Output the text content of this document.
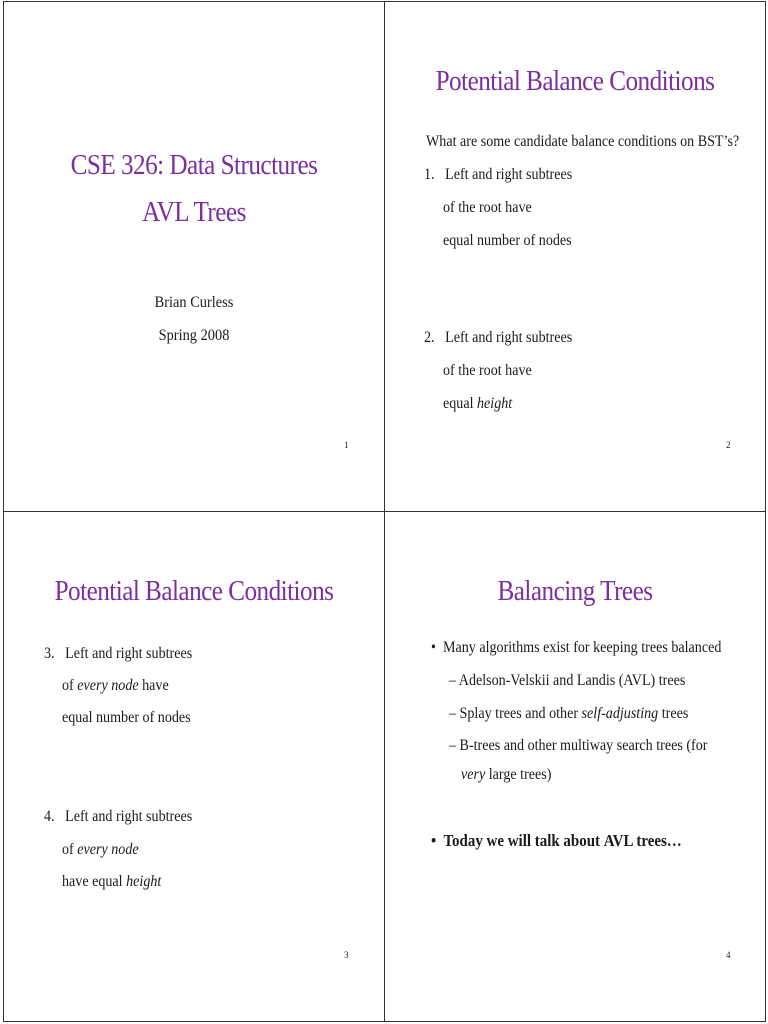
CSE 326: Data Structures
AVL Trees
Brian Curless
Spring 2008
1
Potential Balance Conditions
What are some candidate balance conditions on BST’s?
1. Left and right subtrees
of the root have
equal number of nodes
2. Left and right subtrees
of the root have
equal height
2
Potential Balance Conditions
3. Left and right subtrees
of every node have
equal number of nodes
4. Left and right subtrees
of every node
have equal height
3
Balancing Trees
• Many algorithms exist for keeping trees balanced
– Adelson-Velskii and Landis (AVL) trees
– Splay trees and other self-adjusting trees
– B-trees and other multiway search trees (for
very large trees)
• Today we will talk about AVL trees…
4
